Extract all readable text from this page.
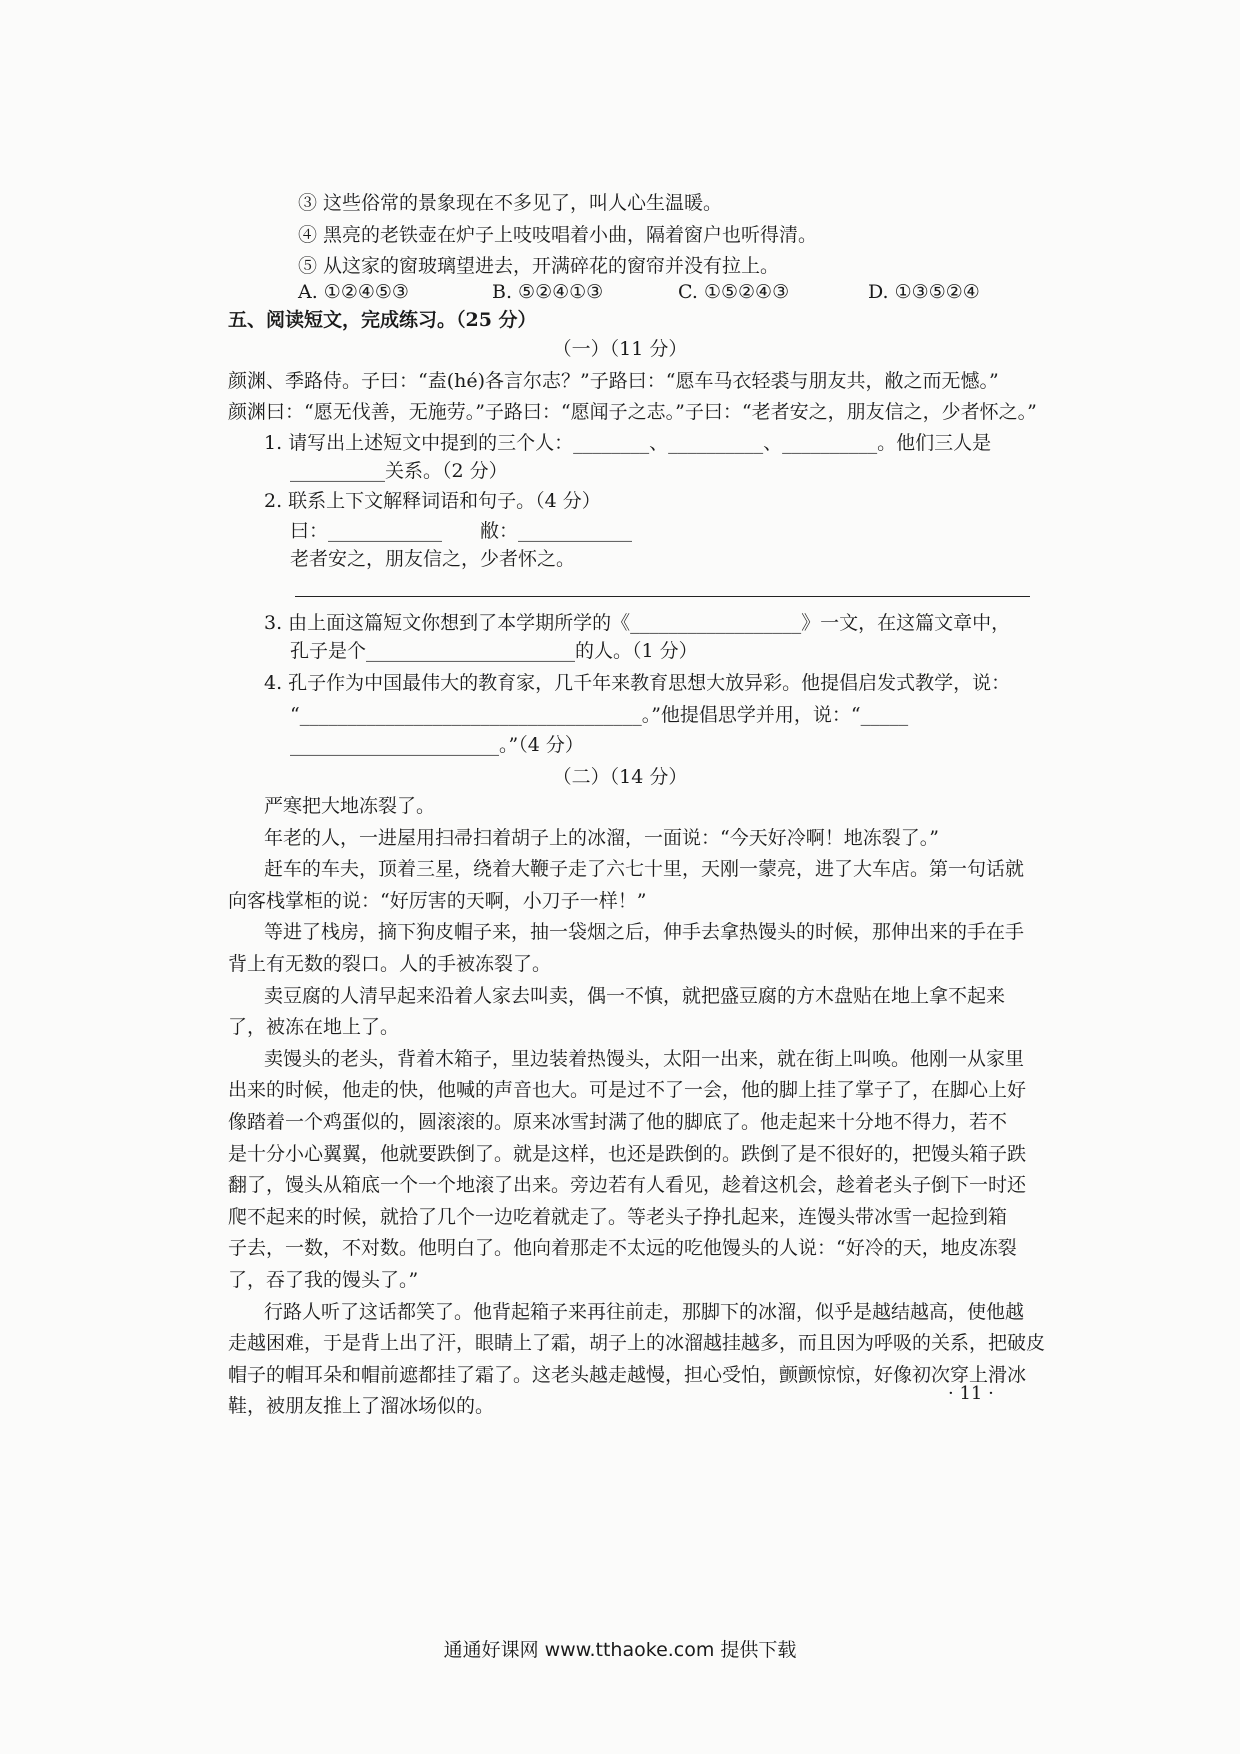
③ 这些俗常的景象现在不多见了，叫人心生温暖。
④ 黑亮的老铁壶在炉子上吱吱唱着小曲，隔着窗户也听得清。
⑤ 从这家的窗玻璃望进去，开满碎花的窗帘并没有拉上。
A. ①②④⑤③	B. ⑤②④①③	C. ①⑤②④③	D. ①③⑤②④
五、阅读短文，完成练习。（25 分）
（一）（11 分）
颜渊、季路侍。子曰：“盍(hé)各言尔志？”子路曰：“愿车马衣轻裘与朋友共，敝之而无憾。”
颜渊曰：“愿无伐善，无施劳。”子路曰：“愿闻子之志。”子曰：“老者安之，朋友信之，少者怀之。”
1. 请写出上述短文中提到的三个人：________、__________、__________。他们三人是
__________关系。（2 分）
2. 联系上下文解释词语和句子。（4 分）
曰：____________　　敝：____________
老者安之，朋友信之，少者怀之。
3. 由上面这篇短文你想到了本学期所学的《__________________》一文，在这篇文章中，
孔子是个______________________的人。（1 分）
4. 孔子作为中国最伟大的教育家，几千年来教育思想大放异彩。他提倡启发式教学，说：
“____________________________________。”他提倡思学并用，说：“_____
______________________。”（4 分）
（二）（14 分）
严寒把大地冻裂了。
年老的人，一进屋用扫帚扫着胡子上的冰溜，一面说：“今天好冷啊！地冻裂了。”
赶车的车夫，顶着三星，绕着大鞭子走了六七十里，天刚一蒙亮，进了大车店。第一句话就
向客栈掌柜的说：“好厉害的天啊，小刀子一样！”
等进了栈房，摘下狗皮帽子来，抽一袋烟之后，伸手去拿热馒头的时候，那伸出来的手在手
背上有无数的裂口。人的手被冻裂了。
卖豆腐的人清早起来沿着人家去叫卖，偶一不慎，就把盛豆腐的方木盘贴在地上拿不起来
了，被冻在地上了。
卖馒头的老头，背着木箱子，里边装着热馒头，太阳一出来，就在街上叫唤。他刚一从家里
出来的时候，他走的快，他喊的声音也大。可是过不了一会，他的脚上挂了掌子了，在脚心上好
像踏着一个鸡蛋似的，圆滚滚的。原来冰雪封满了他的脚底了。他走起来十分地不得力，若不
是十分小心翼翼，他就要跌倒了。就是这样，也还是跌倒的。跌倒了是不很好的，把馒头箱子跌
翻了，馒头从箱底一个一个地滚了出来。旁边若有人看见，趁着这机会，趁着老头子倒下一时还
爬不起来的时候，就拾了几个一边吃着就走了。等老头子挣扎起来，连馒头带冰雪一起捡到箱
子去，一数，不对数。他明白了。他向着那走不太远的吃他馒头的人说：“好冷的天，地皮冻裂
了，吞了我的馒头了。”
行路人听了这话都笑了。他背起箱子来再往前走，那脚下的冰溜，似乎是越结越高，使他越
走越困难，于是背上出了汗，眼睛上了霜，胡子上的冰溜越挂越多，而且因为呼吸的关系，把破皮
帽子的帽耳朵和帽前遮都挂了霜了。这老头越走越慢，担心受怕，颤颤惊惊，好像初次穿上滑冰
鞋，被朋友推上了溜冰场似的。
· 11 ·
通通好课网 www.tthaoke.com 提供下载
